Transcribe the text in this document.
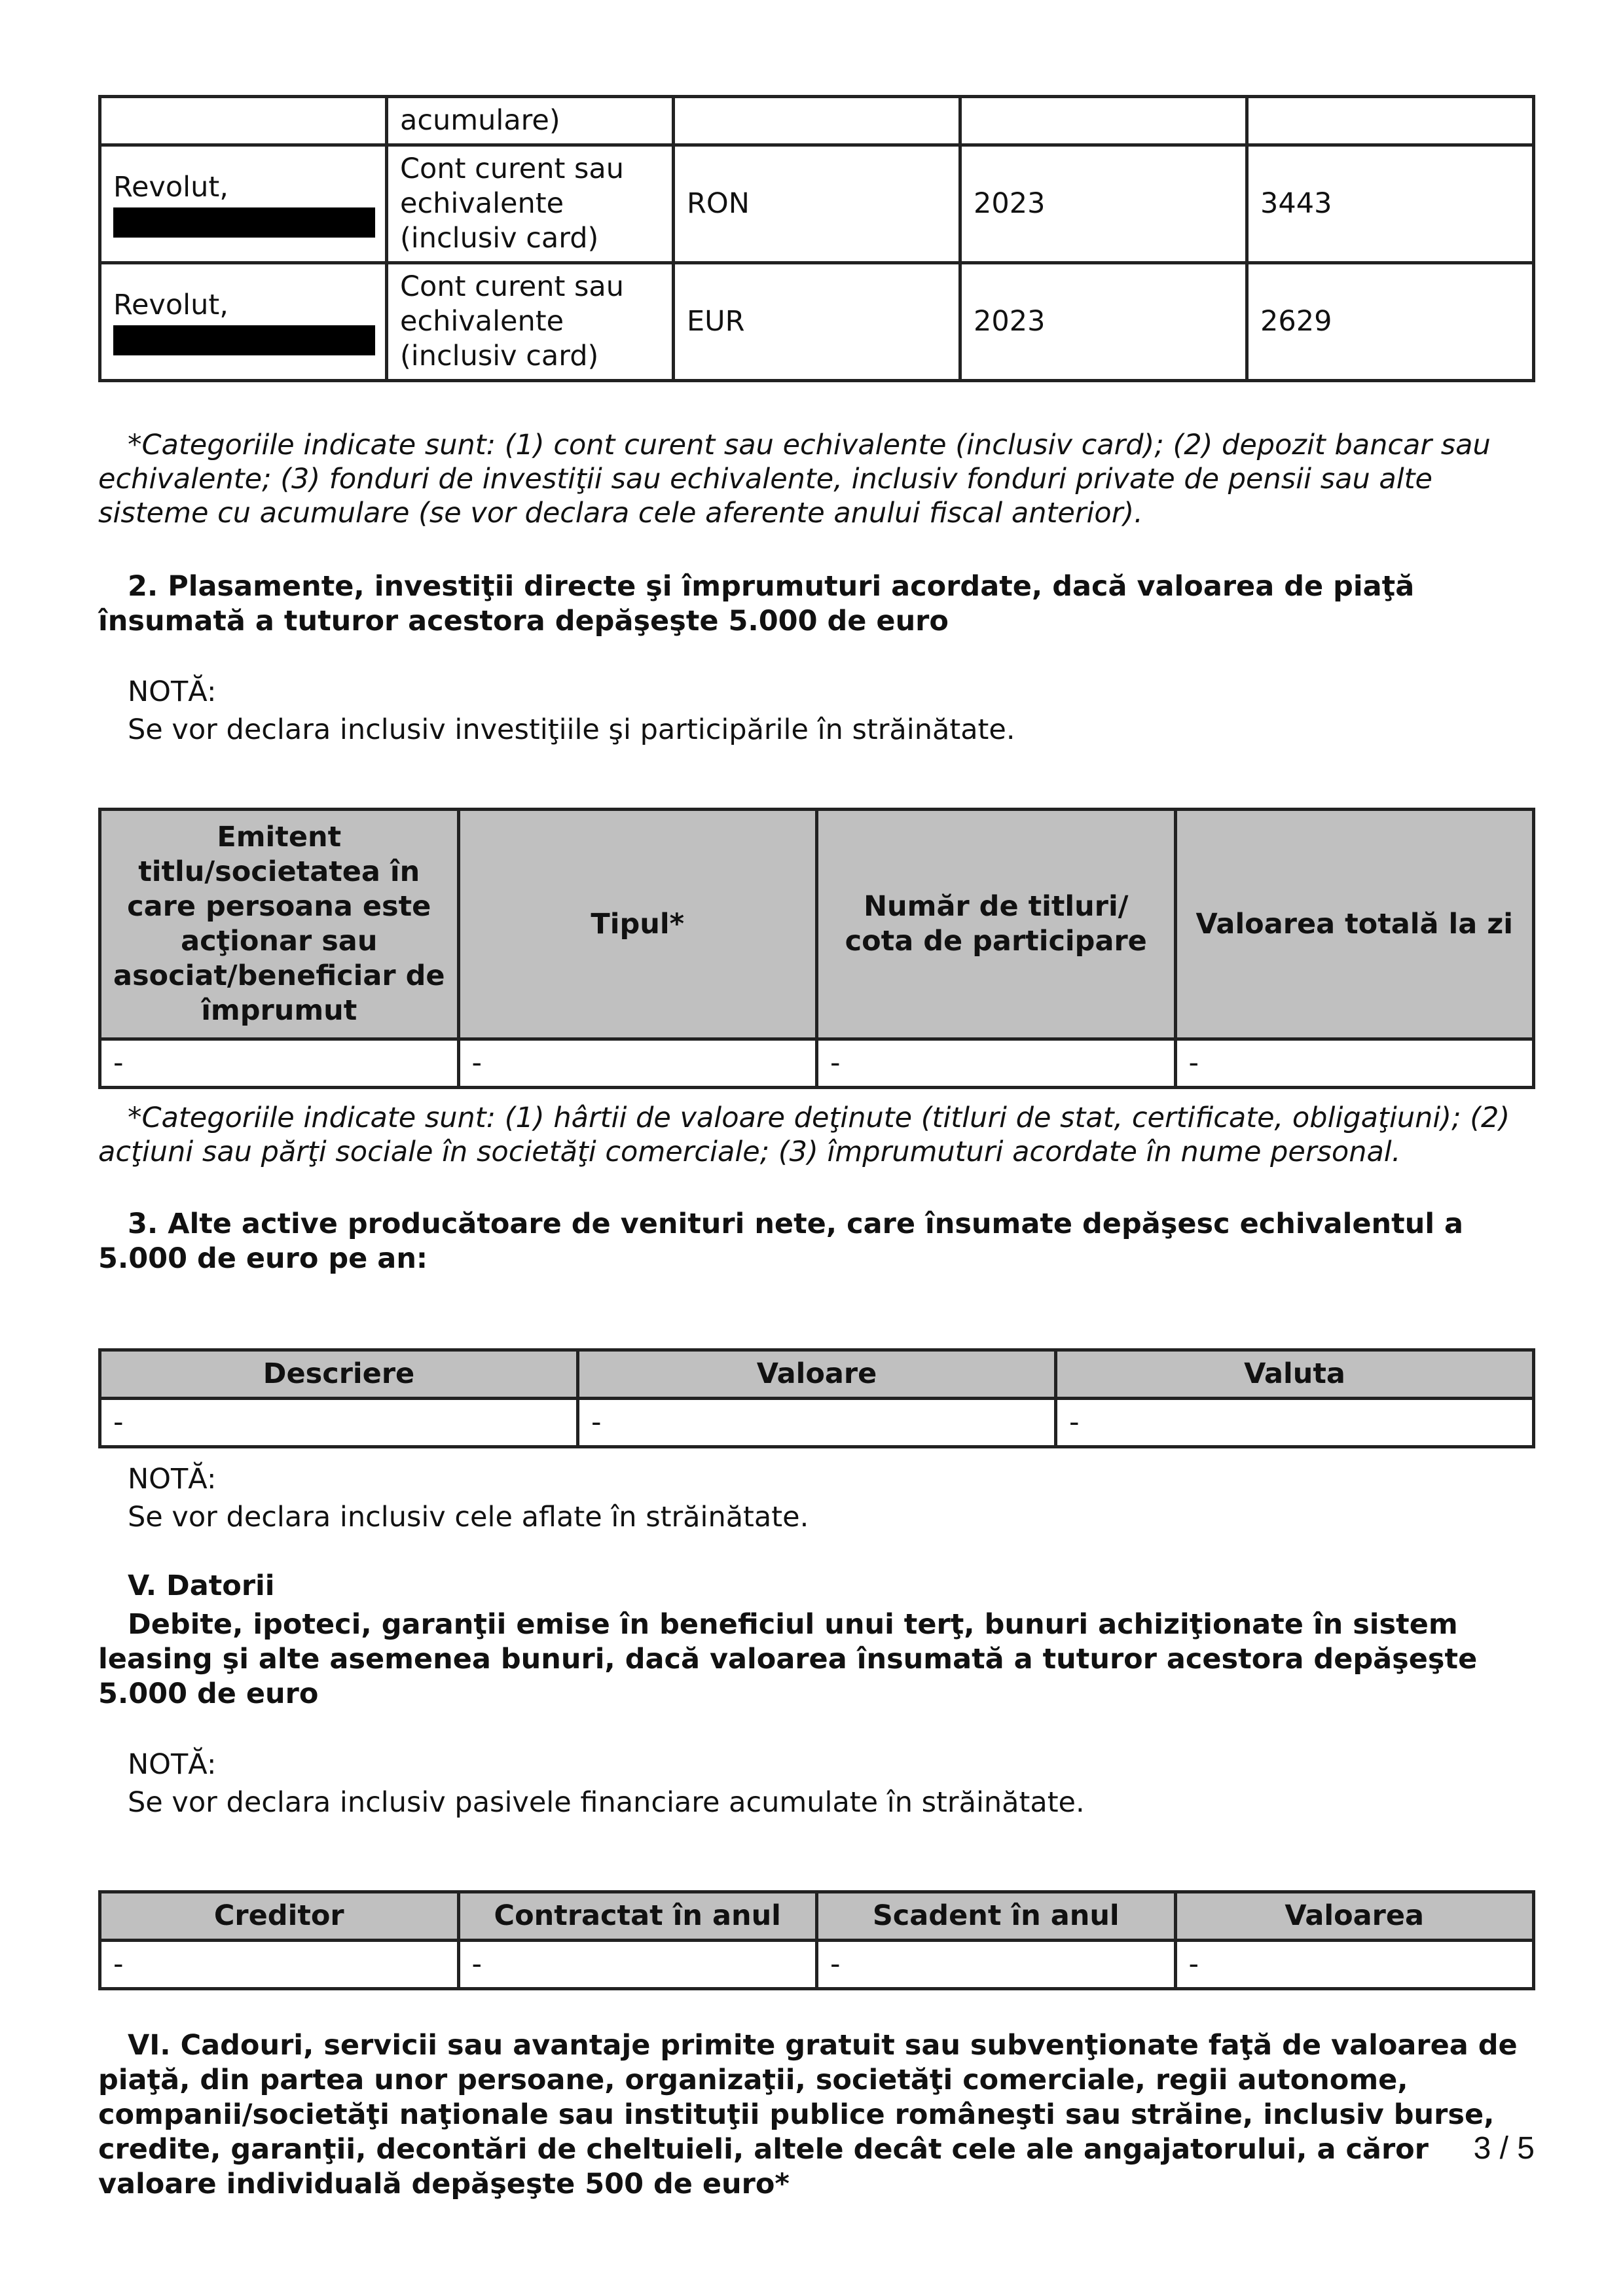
	acumulare)			
Revolut,	Cont curent sau echivalente (inclusiv card)	RON	2023	3443
Revolut,	Cont curent sau echivalente (inclusiv card)	EUR	2023	2629

*Categoriile indicate sunt: (1) cont curent sau echivalente (inclusiv card); (2) depozit bancar sau echivalente; (3) fonduri de investiţii sau echivalente, inclusiv fonduri private de pensii sau alte sisteme cu acumulare (se vor declara cele aferente anului fiscal anterior).

2. Plasamente, investiţii directe şi împrumuturi acordate, dacă valoarea de piaţă însumată a tuturor acestora depăşeşte 5.000 de euro

NOTĂ:

Se vor declara inclusiv investiţiile şi participările în străinătate.

Emitent titlu/societatea în care persoana este acţionar sau asociat/beneficiar de împrumut	Tipul*	Număr de titluri/ cota de participare	Valoarea totală la zi
-	-	-	-

*Categoriile indicate sunt: (1) hârtii de valoare deţinute (titluri de stat, certificate, obligaţiuni); (2) acţiuni sau părţi sociale în societăţi comerciale; (3) împrumuturi acordate în nume personal.

3. Alte active producătoare de venituri nete, care însumate depăşesc echivalentul a 5.000 de euro pe an:

Descriere	Valoare	Valuta
-	-	-

NOTĂ:

Se vor declara inclusiv cele aflate în străinătate.

V. Datorii

Debite, ipoteci, garanţii emise în beneficiul unui terţ, bunuri achiziţionate în sistem leasing şi alte asemenea bunuri, dacă valoarea însumată a tuturor acestora depăşeşte 5.000 de euro

NOTĂ:

Se vor declara inclusiv pasivele financiare acumulate în străinătate.

Creditor	Contractat în anul	Scadent în anul	Valoarea
-	-	-	-

VI. Cadouri, servicii sau avantaje primite gratuit sau subvenţionate faţă de valoarea de piaţă, din partea unor persoane, organizaţii, societăţi comerciale, regii autonome, companii/societăţi naţionale sau instituţii publice româneşti sau străine, inclusiv burse, credite, garanţii, decontări de cheltuieli, altele decât cele ale angajatorului, a căror valoare individuală depăşeşte 500 de euro*

3 / 5
